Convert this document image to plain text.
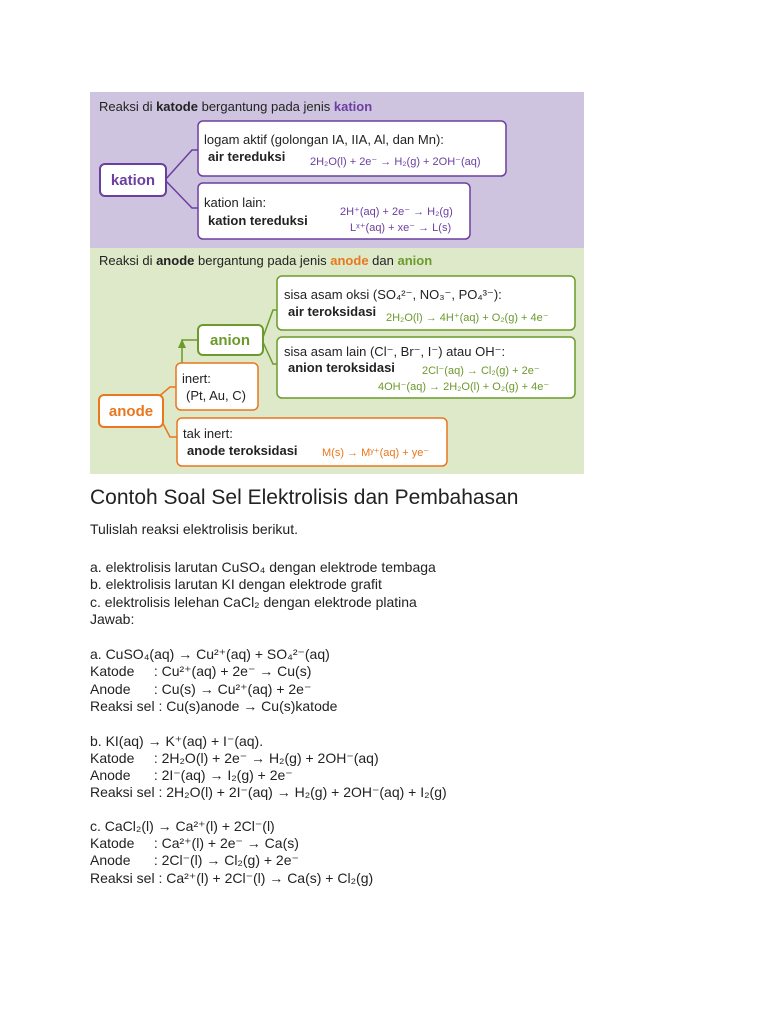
Reaksi di katode bergantung pada jenis kation
kation
logam aktif (golongan IA, IIA, Al, dan Mn):
air tereduksi 2H₂O(l) + 2e⁻ → H₂(g) + 2OH⁻(aq)
kation lain:
kation tereduksi
2H⁺(aq) + 2e⁻ → H₂(g)
Lˣ⁺(aq) + xe⁻ → L(s)
Reaksi di anode bergantung pada jenis anode dan anion
anode
anion
inert:
(Pt, Au, C)
sisa asam oksi (SO₄²⁻, NO₃⁻, PO₄³⁻):
air teroksidasi 2H₂O(l) → 4H⁺(aq) + O₂(g) + 4e⁻
sisa asam lain (Cl⁻, Br⁻, I⁻) atau OH⁻:
anion teroksidasi 2Cl⁻(aq) → Cl₂(g) + 2e⁻
4OH⁻(aq) → 2H₂O(l) + O₂(g) + 4e⁻
tak inert:
anode teroksidasi M(s) → Mʸ⁺(aq) + ye⁻
Contoh Soal Sel Elektrolisis dan Pembahasan
Tulislah reaksi elektrolisis berikut.
a. elektrolisis larutan CuSO₄ dengan elektrode tembaga
b. elektrolisis larutan KI dengan elektrode grafit
c. elektrolisis lelehan CaCl₂ dengan elektrode platina
Jawab:
a. CuSO₄(aq) → Cu²⁺(aq) + SO₄²⁻(aq)
Katode     : Cu²⁺(aq) + 2e⁻ → Cu(s)
Anode      : Cu(s) → Cu²⁺(aq) + 2e⁻
Reaksi sel : Cu(s)anode → Cu(s)katode
b. KI(aq) → K⁺(aq) + I⁻(aq).
Katode     : 2H₂O(l) + 2e⁻ → H₂(g) + 2OH⁻(aq)
Anode      : 2I⁻(aq) → I₂(g) + 2e⁻
Reaksi sel : 2H₂O(l) + 2I⁻(aq) → H₂(g) + 2OH⁻(aq) + I₂(g)
c. CaCl₂(l) → Ca²⁺(l) + 2Cl⁻(l)
Katode     : Ca²⁺(l) + 2e⁻ → Ca(s)
Anode      : 2Cl⁻(l) → Cl₂(g) + 2e⁻
Reaksi sel : Ca²⁺(l) + 2Cl⁻(l) → Ca(s) + Cl₂(g)
